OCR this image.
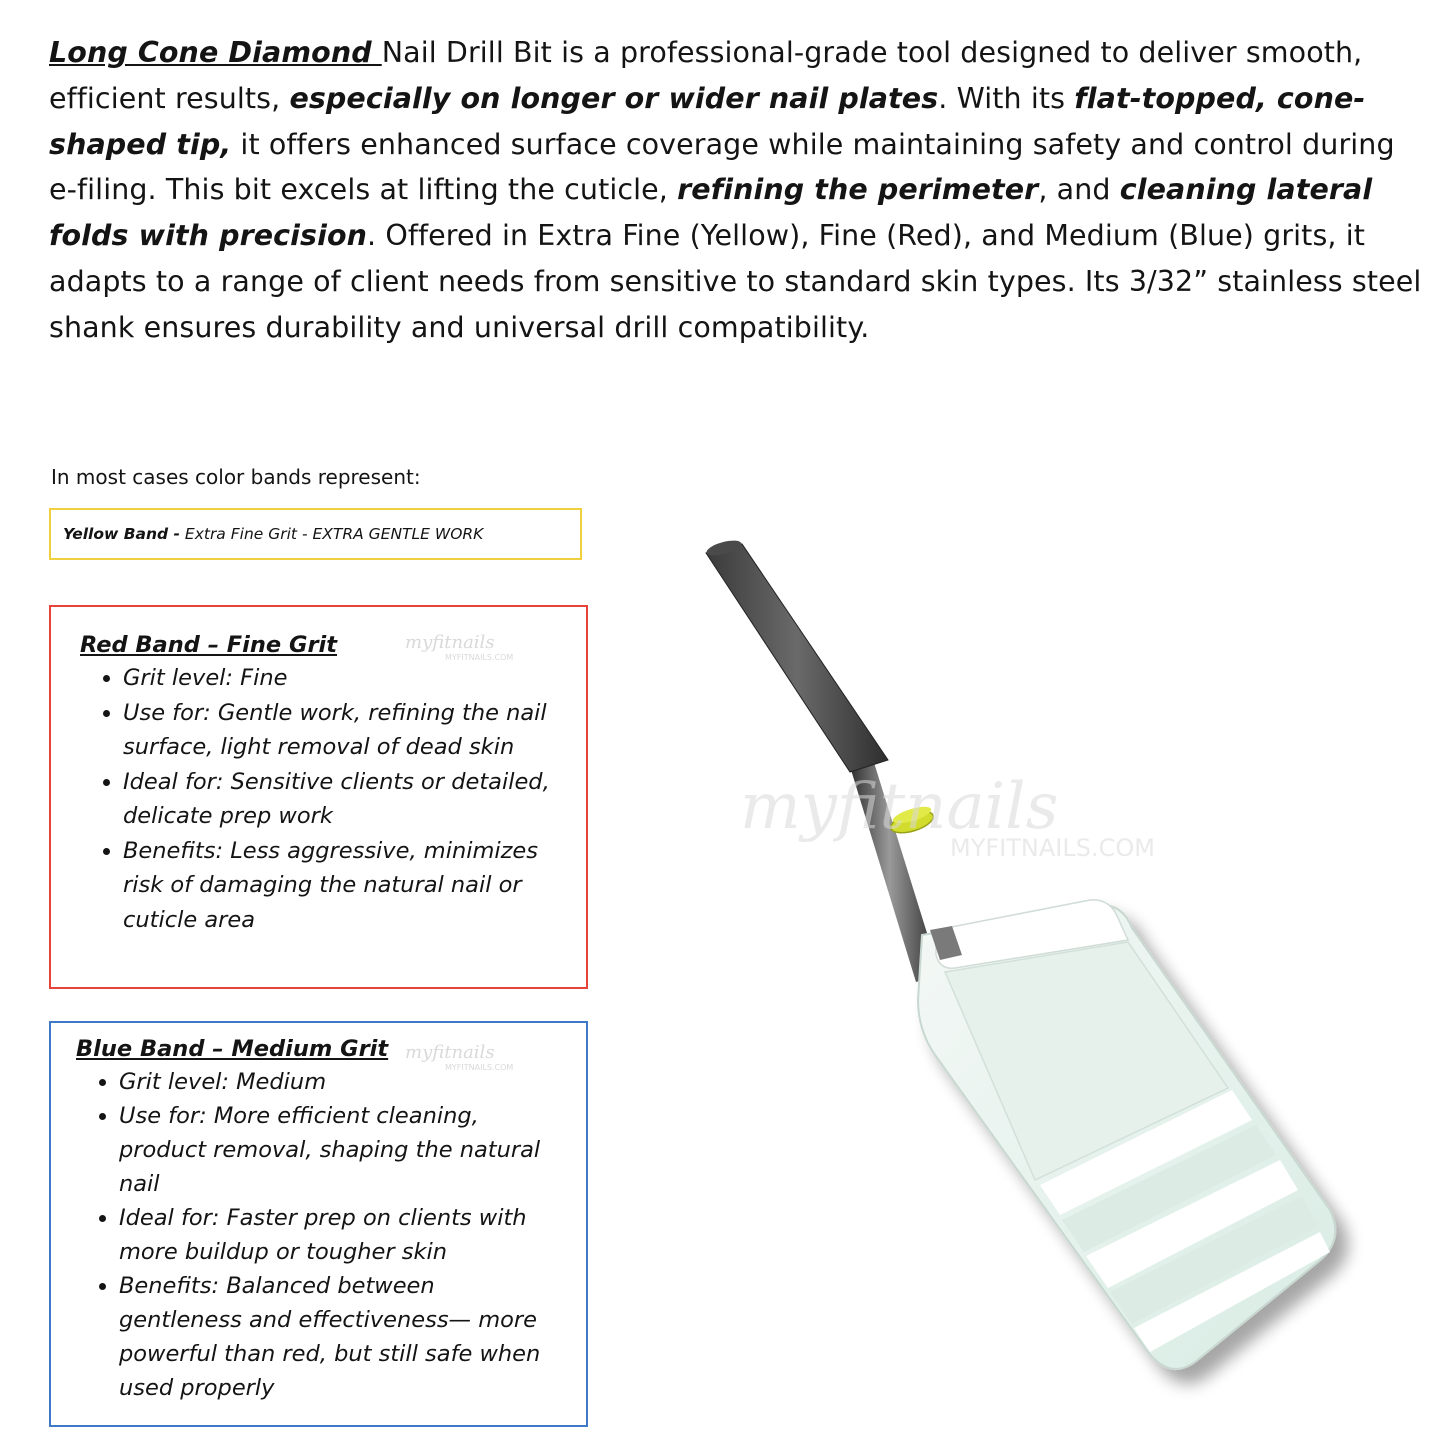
Long Cone Diamond Nail Drill Bit is a professional-grade tool designed to deliver smooth, efficient results, especially on longer or wider nail plates. With its flat-topped, cone-shaped tip, it offers enhanced surface coverage while maintaining safety and control during e-filing. This bit excels at lifting the cuticle, refining the perimeter, and cleaning lateral folds with precision. Offered in Extra Fine (Yellow), Fine (Red), and Medium (Blue) grits, it adapts to a range of client needs from sensitive to standard skin types. Its 3/32” stainless steel shank ensures durability and universal drill compatibility.

In most cases color bands represent:

Yellow Band - Extra Fine Grit - EXTRA GENTLE WORK

Red Band – Fine Grit

• Grit level: Fine
• Use for: Gentle work, refining the nail surface, light removal of dead skin
• Ideal for: Sensitive clients or detailed, delicate prep work
• Benefits: Less aggressive, minimizes risk of damaging the natural nail or cuticle area

Blue Band – Medium Grit

• Grit level: Medium
• Use for: More efficient cleaning, product removal, shaping the natural nail
• Ideal for: Faster prep on clients with more buildup or tougher skin
• Benefits: Balanced between gentleness and effectiveness— more powerful than red, but still safe when used properly
myfitnails
MYFITNAILS.COM
myfitnails
MYFITNAILS.COM
myfitnails
MYFITNAILS.COM
